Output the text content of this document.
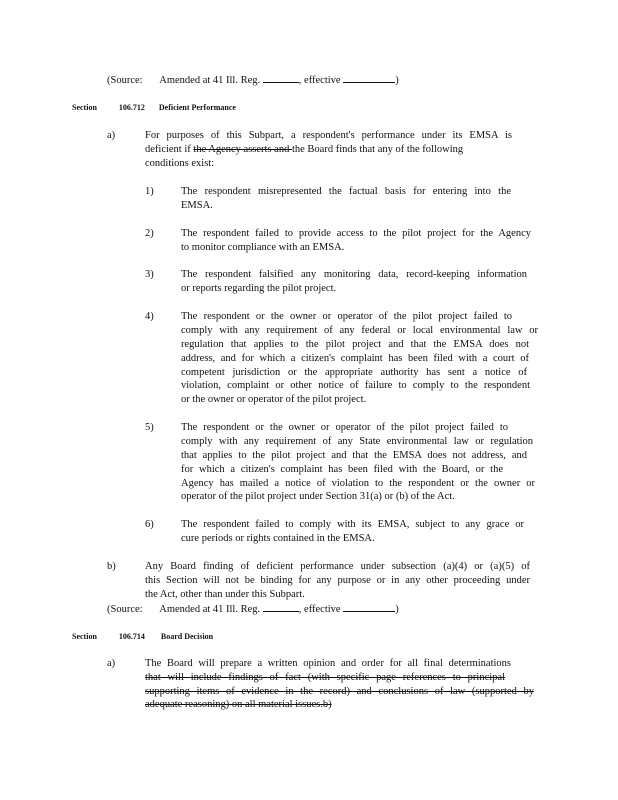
(Source: Amended at 41 Ill. Reg.	, effective	)
Section	106.712 Deficient Performance
a)	For purposes of this Subpart, a respondent's performance under its EMSA is
deficient if the Agency asserts and the Board finds that any of the following
conditions exist:
1)	The respondent misrepresented the factual basis for entering into the
EMSA.
2)	The respondent failed to provide access to the pilot project for the Agency
to monitor compliance with an EMSA.
3)	The respondent falsified any monitoring data, record-keeping information
or reports regarding the pilot project.
4)	The respondent or the owner or operator of the pilot project failed to
comply with any requirement of any federal or local environmental law or
regulation that applies to the pilot project and that the EMSA does not
address, and for which a citizen's complaint has been filed with a court of
competent jurisdiction or the appropriate authority has sent a notice of
violation, complaint or other notice of failure to comply to the respondent
or the owner or operator of the pilot project.
5)	The respondent or the owner or operator of the pilot project failed to
comply with any requirement of any State environmental law or regulation
that applies to the pilot project and that the EMSA does not address, and
for which a citizen's complaint has been filed with the Board, or the
Agency has mailed a notice of violation to the respondent or the owner or
operator of the pilot project under Section 31(a) or (b) of the Act.
6)	The respondent failed to comply with its EMSA, subject to any grace or
cure periods or rights contained in the EMSA.
b)	Any Board finding of deficient performance under subsection (a)(4) or (a)(5) of
this Section will not be binding for any purpose or in any other proceeding under
the Act, other than under this Subpart.
(Source: Amended at 41 Ill. Reg.	, effective	)
Section	106.714 Board Decision
a)	The Board will prepare a written opinion and order for all final determinations
that will include findings of fact (with specific page references to principal
supporting items of evidence in the record) and conclusions of law (supported by
adequate reasoning) on all material issues.b)
